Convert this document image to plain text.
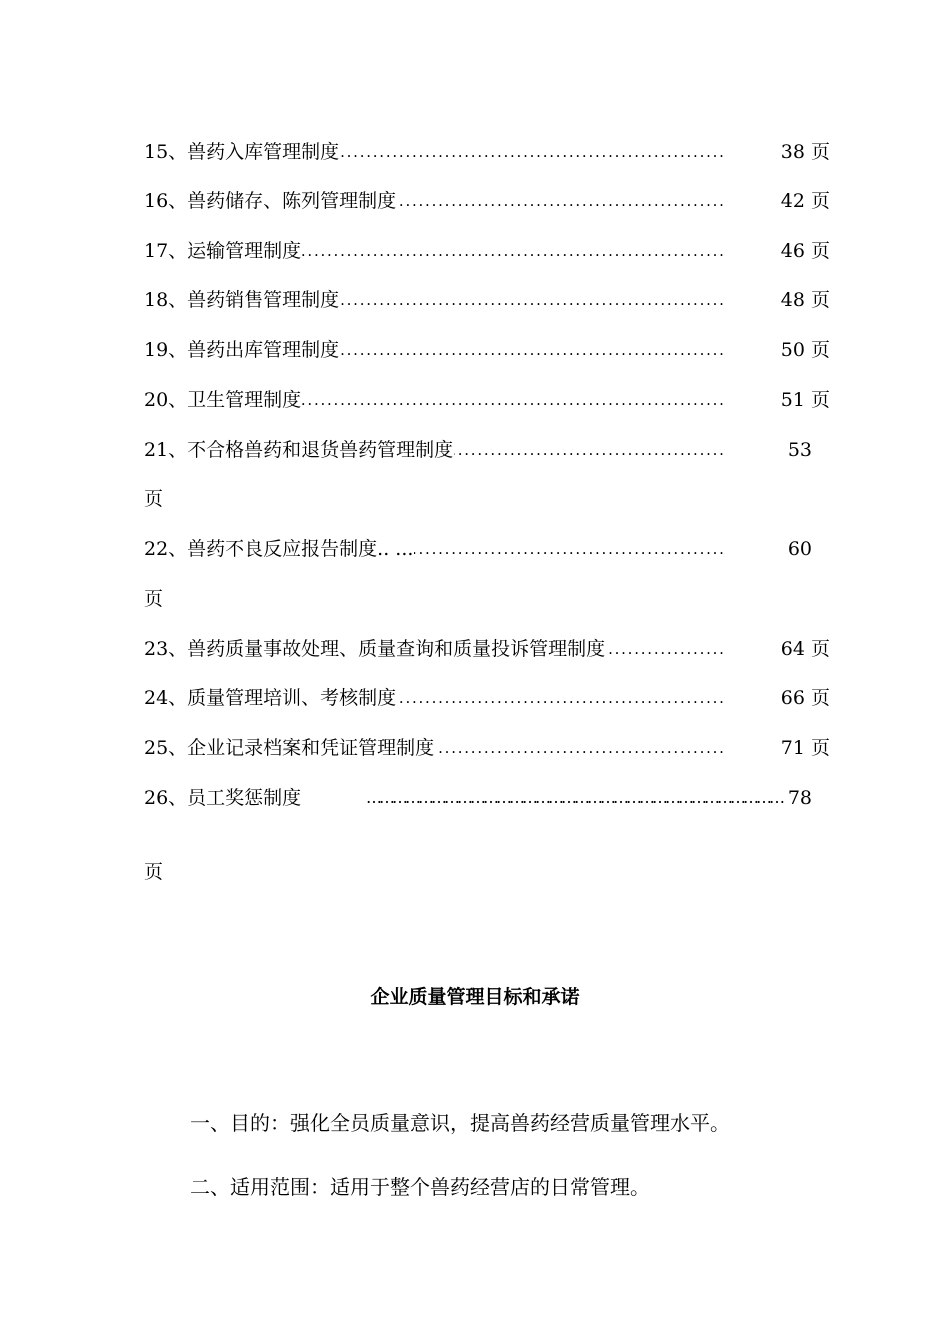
. . . 15、兽药入库管理制度	38 页
. . . 16、兽药储存、陈列管理制度	42 页
. . . 17、运输管理制度	46 页
. . . 18、兽药销售管理制度	48 页
. . . 19、兽药出库管理制度	50 页
. . . 20、卫生管理制度	51 页
. . . 21、不合格兽药和退货兽药管理制度	53
页
. . . 22、兽药不良反应报告制度.. ...	60
页
. . . 23、兽药质量事故处理、质量查询和质量投诉管理制度	64 页
. . . 24、质量管理培训、考核制度	66 页
. . . 25、企业记录档案和凭证管理制度	71 页
26、员工奖惩制度	…………………………………………………………………………………… 78
页
企业质量管理目标和承诺
一、目的：强化全员质量意识，提高兽药经营质量管理水平。
二、适用范围：适用于整个兽药经营店的日常管理。
